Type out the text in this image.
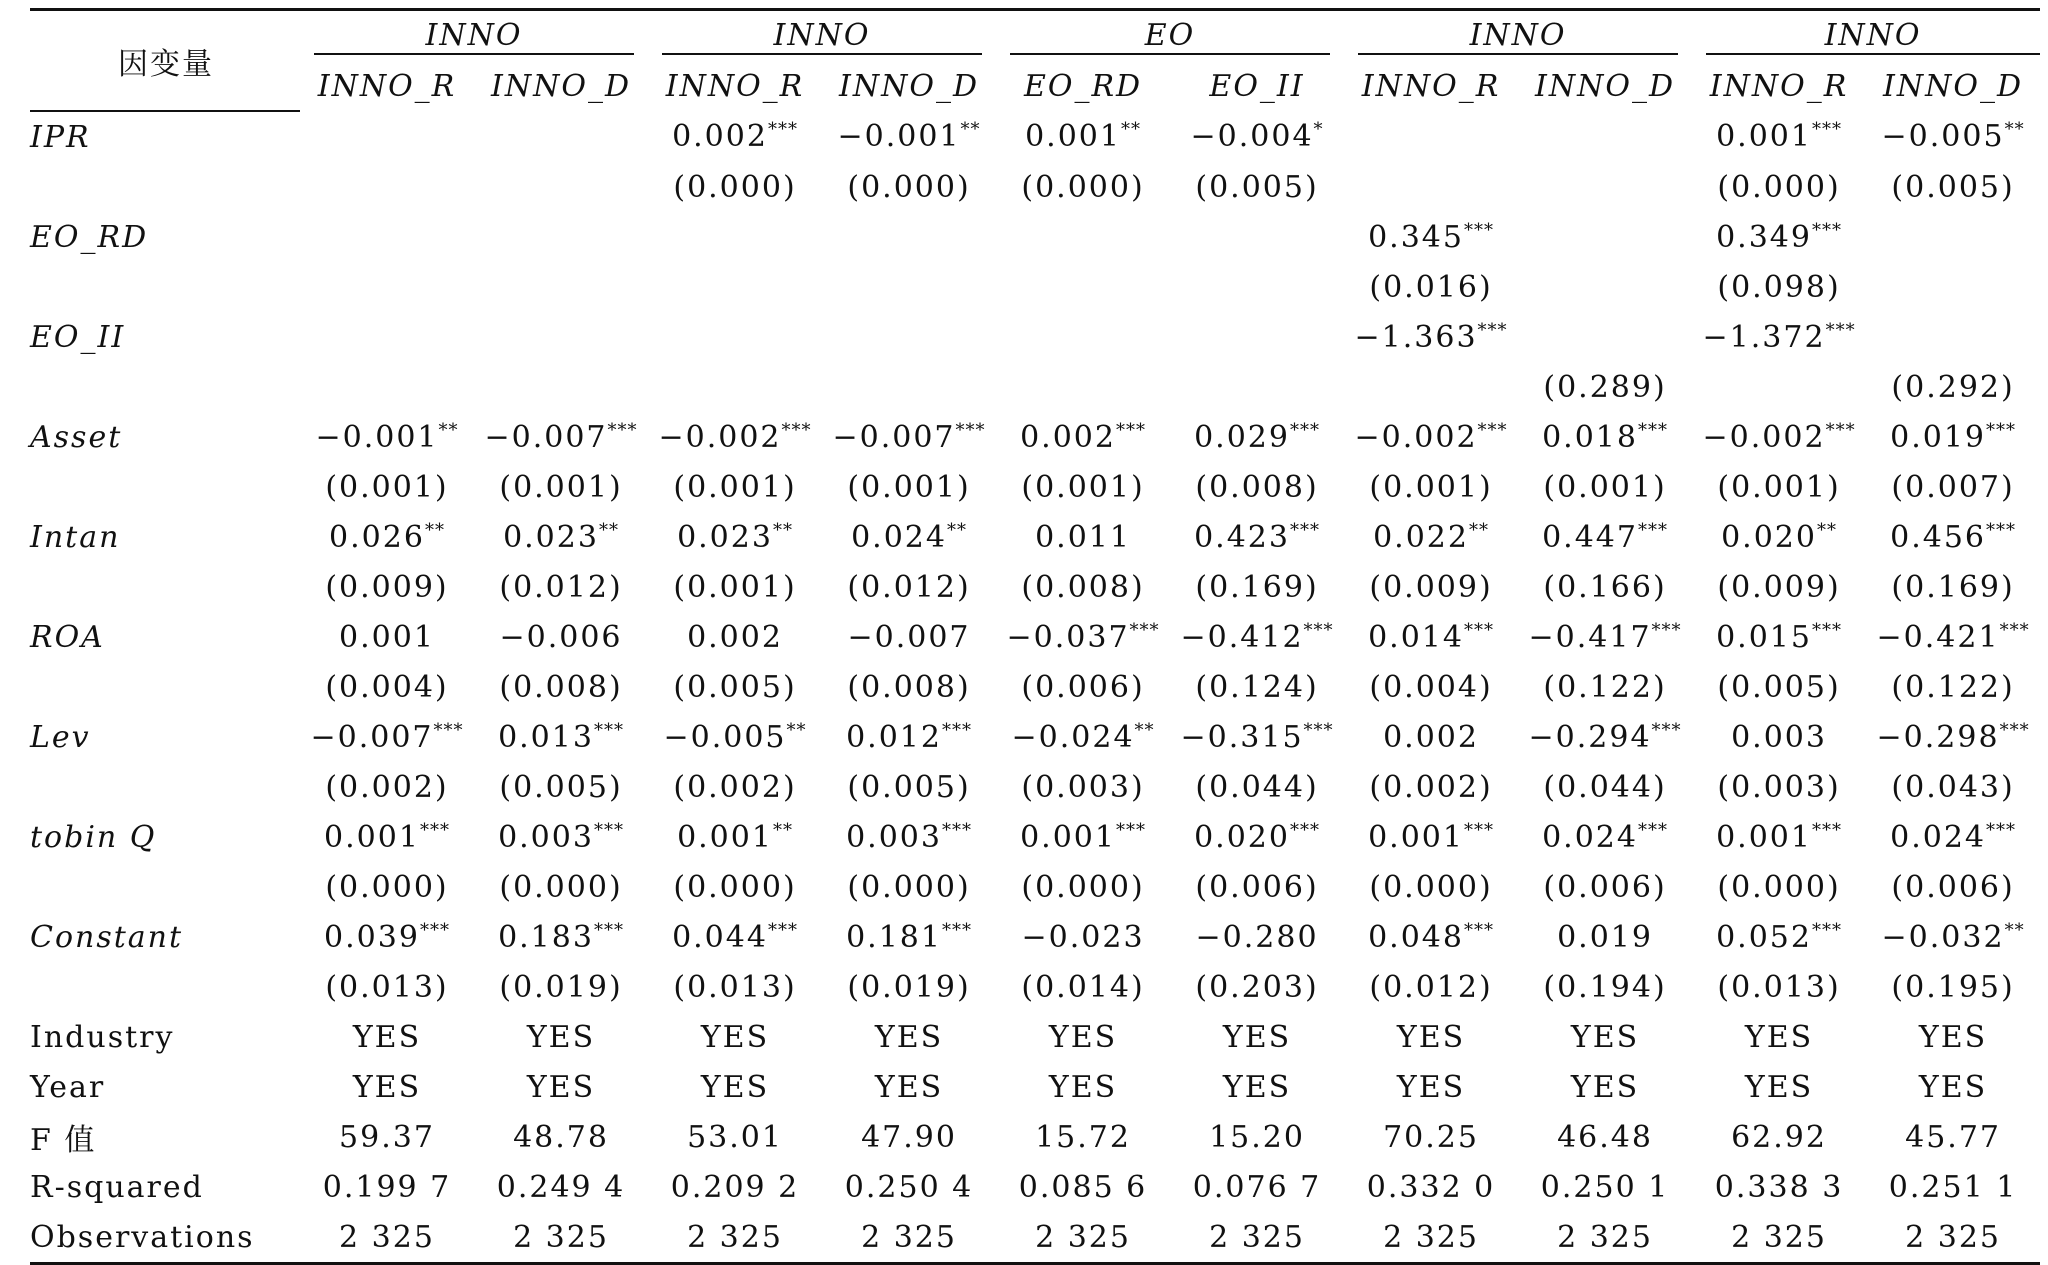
因变量	INNO		INNO		EO		INNO		INNO	

	INNO_R	INNO_D	INNO_R	INNO_D	EO_RD	EO_II	INNO_R	INNO_D	INNO_R	INNO_D
IPR			0.002***	−0.001**	0.001**	−0.004*			0.001***	−0.005**
			(0.000)	(0.000)	(0.000)	(0.005)			(0.000)	(0.005)
EO_RD							0.345***		0.349***	
							(0.016)		(0.098)	
EO_II							−1.363***		−1.372***	
								(0.289)		(0.292)
Asset	−0.001**	−0.007***	−0.002***	−0.007***	0.002***	0.029***	−0.002***	0.018***	−0.002***	0.019***
	(0.001)	(0.001)	(0.001)	(0.001)	(0.001)	(0.008)	(0.001)	(0.001)	(0.001)	(0.007)
Intan	0.026**	0.023**	0.023**	0.024**	0.011	0.423***	0.022**	0.447***	0.020**	0.456***
	(0.009)	(0.012)	(0.001)	(0.012)	(0.008)	(0.169)	(0.009)	(0.166)	(0.009)	(0.169)
ROA	0.001	−0.006	0.002	−0.007	−0.037***	−0.412***	0.014***	−0.417***	0.015***	−0.421***
	(0.004)	(0.008)	(0.005)	(0.008)	(0.006)	(0.124)	(0.004)	(0.122)	(0.005)	(0.122)
Lev	−0.007***	0.013***	−0.005**	0.012***	−0.024**	−0.315***	0.002	−0.294***	0.003	−0.298***
	(0.002)	(0.005)	(0.002)	(0.005)	(0.003)	(0.044)	(0.002)	(0.044)	(0.003)	(0.043)
tobin Q	0.001***	0.003***	0.001**	0.003***	0.001***	0.020***	0.001***	0.024***	0.001***	0.024***
	(0.000)	(0.000)	(0.000)	(0.000)	(0.000)	(0.006)	(0.000)	(0.006)	(0.000)	(0.006)
Constant	0.039***	0.183***	0.044***	0.181***	−0.023	−0.280	0.048***	0.019	0.052***	−0.032**
	(0.013)	(0.019)	(0.013)	(0.019)	(0.014)	(0.203)	(0.012)	(0.194)	(0.013)	(0.195)
Industry	YES	YES	YES	YES	YES	YES	YES	YES	YES	YES
Year	YES	YES	YES	YES	YES	YES	YES	YES	YES	YES
F 值	59.37	48.78	53.01	47.90	15.72	15.20	70.25	46.48	62.92	45.77
R-squared	0.199 7	0.249 4	0.209 2	0.250 4	0.085 6	0.076 7	0.332 0	0.250 1	0.338 3	0.251 1
Observations	2 325	2 325	2 325	2 325	2 325	2 325	2 325	2 325	2 325	2 325
